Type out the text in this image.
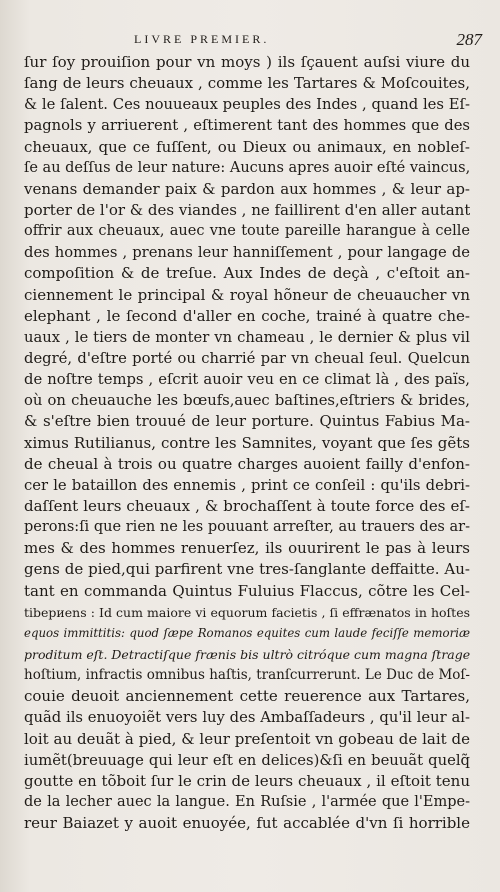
LIVRE PREMIER.	287
ſur ſoy prouiſion pour vn moys ) ils ſçauent auſsi viure du
ſang de leurs cheuaux , comme les Tartares & Moſcouites,
& le ſalent. Ces nouueaux peuples des Indes , quand les Eſ-
pagnols y arriuerent , eſtimerent tant des hommes que des
cheuaux, que ce fuſſent, ou Dieux ou animaux, en nobleſ-
ſe au deſſus de leur nature: Aucuns apres auoir eſté vaincus,
venans demander paix & pardon aux hommes , & leur ap-
porter de l'or & des viandes , ne faillirent d'en aller autant
offrir aux cheuaux, auec vne toute pareille harangue à celle
des hommes , prenans leur hanniſſement , pour langage de
compoſition & de treſue. Aux Indes de deçà , c'eſtoit an-
ciennement le principal & royal hõneur de cheuaucher vn
elephant , le ſecond d'aller en coche, trainé à quatre che-
uaux , le tiers de monter vn chameau , le dernier & plus vil
degré, d'eſtre porté ou charrié par vn cheual ſeul. Quelcun
de noſtre temps , eſcrit auoir veu en ce climat là , des païs,
où on cheuauche les bœufs,auec baſtines,eſtriers & brides,
& s'eſtre bien trouué de leur porture. Quintus Fabius Ma-
ximus Rutilianus, contre les Samnites, voyant que ſes gẽts
de cheual à trois ou quatre charges auoient failly d'enfon-
cer le bataillon des ennemis , print ce conſeil : qu'ils debri-
daſſent leurs cheuaux , & brochaſſent à toute force des eſ-
perons:ſi que rien ne les pouuant arreſter, au trauers des ar-
mes & des hommes renuerſez, ils ouurirent le pas à leurs
gens de pied,qui parfirent vne tres-ſanglante deffaitte. Au-
tant en commanda Quintus Fuluius Flaccus, cõtre les Cel-
tibериens : Id cum maiore vi equorum facietis , ſi effrænatos in hoſtes
equos immittitis: quod ſæpe Romanos equites cum laude feciſſe memoriæ
proditum eſt. Detractiſque frænis bis ultrò citróque cum magna ſtrage
hoſtium, infractis omnibus haſtis, tranſcurrerunt. Le Duc de Moſ-
couie deuoit anciennement cette reuerence aux Tartares,
quãd ils enuoyoiẽt vers luy des Ambaſſadeurs , qu'il leur al-
loit au deuãt à pied, & leur preſentoit vn gobeau de lait de
iumẽt(breuuage qui leur eſt en delices)&ſi en beuuãt quelq̃
goutte en tõboit ſur le crin de leurs cheuaux , il eſtoit tenu
de la lecher auec la langue. En Ruſsie , l'armée que l'Empe-
reur Baiazet y auoit enuoyée, fut accablée d'vn ſi horrible
